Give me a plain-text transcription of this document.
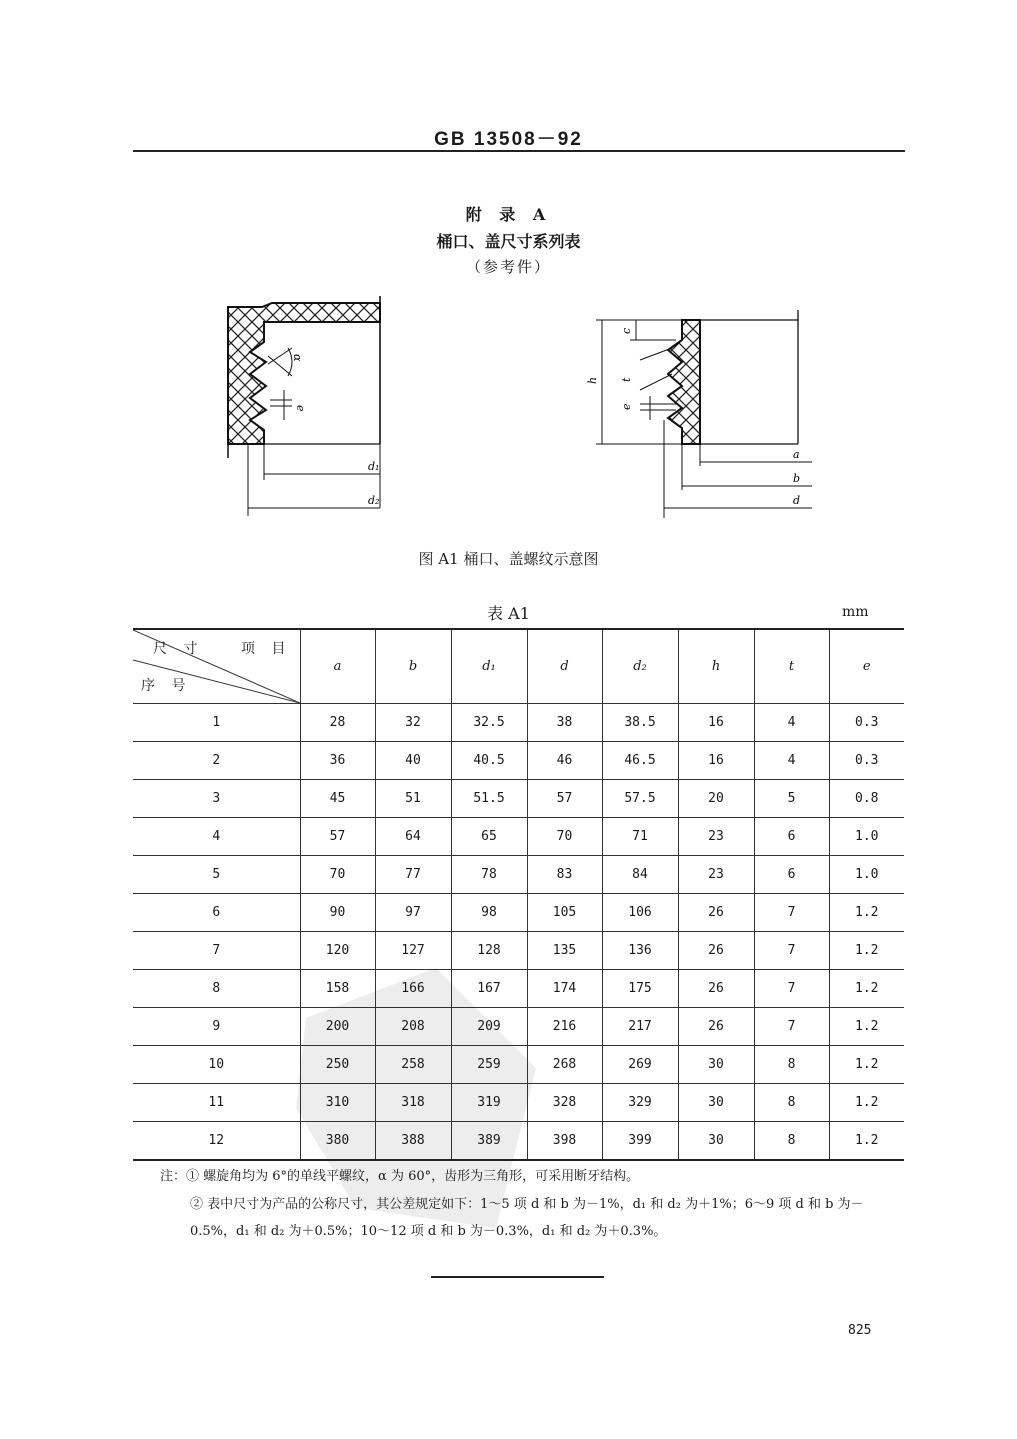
GB 13508－92
附 录 A
桶口、盖尺寸系列表
（参考件）
α
e
d₁
d₂
h
c
t
e
a
b
d
图 A1 桶口、盖螺纹示意图
表 A1	mm
尺 寸 项 目
序 号	a	b	d₁	d	d₂	h	t	e
1	28	32	32.5	38	38.5	16	4	0.3
2	36	40	40.5	46	46.5	16	4	0.3
3	45	51	51.5	57	57.5	20	5	0.8
4	57	64	65	70	71	23	6	1.0
5	70	77	78	83	84	23	6	1.0
6	90	97	98	105	106	26	7	1.2
7	120	127	128	135	136	26	7	1.2
8	158	166	167	174	175	26	7	1.2
9	200	208	209	216	217	26	7	1.2
10	250	258	259	268	269	30	8	1.2
11	310	318	319	328	329	30	8	1.2
12	380	388	389	398	399	30	8	1.2
注：① 螺旋角均为 6°的单线平螺纹，α 为 60°，齿形为三角形，可采用断牙结构。
② 表中尺寸为产品的公称尺寸，其公差规定如下：1～5 项 d 和 b 为－1%，d₁ 和 d₂ 为＋1%；6～9 项 d 和 b 为－0.5%，d₁ 和 d₂ 为＋0.5%；10～12 项 d 和 b 为－0.3%，d₁ 和 d₂ 为＋0.3%。
825
